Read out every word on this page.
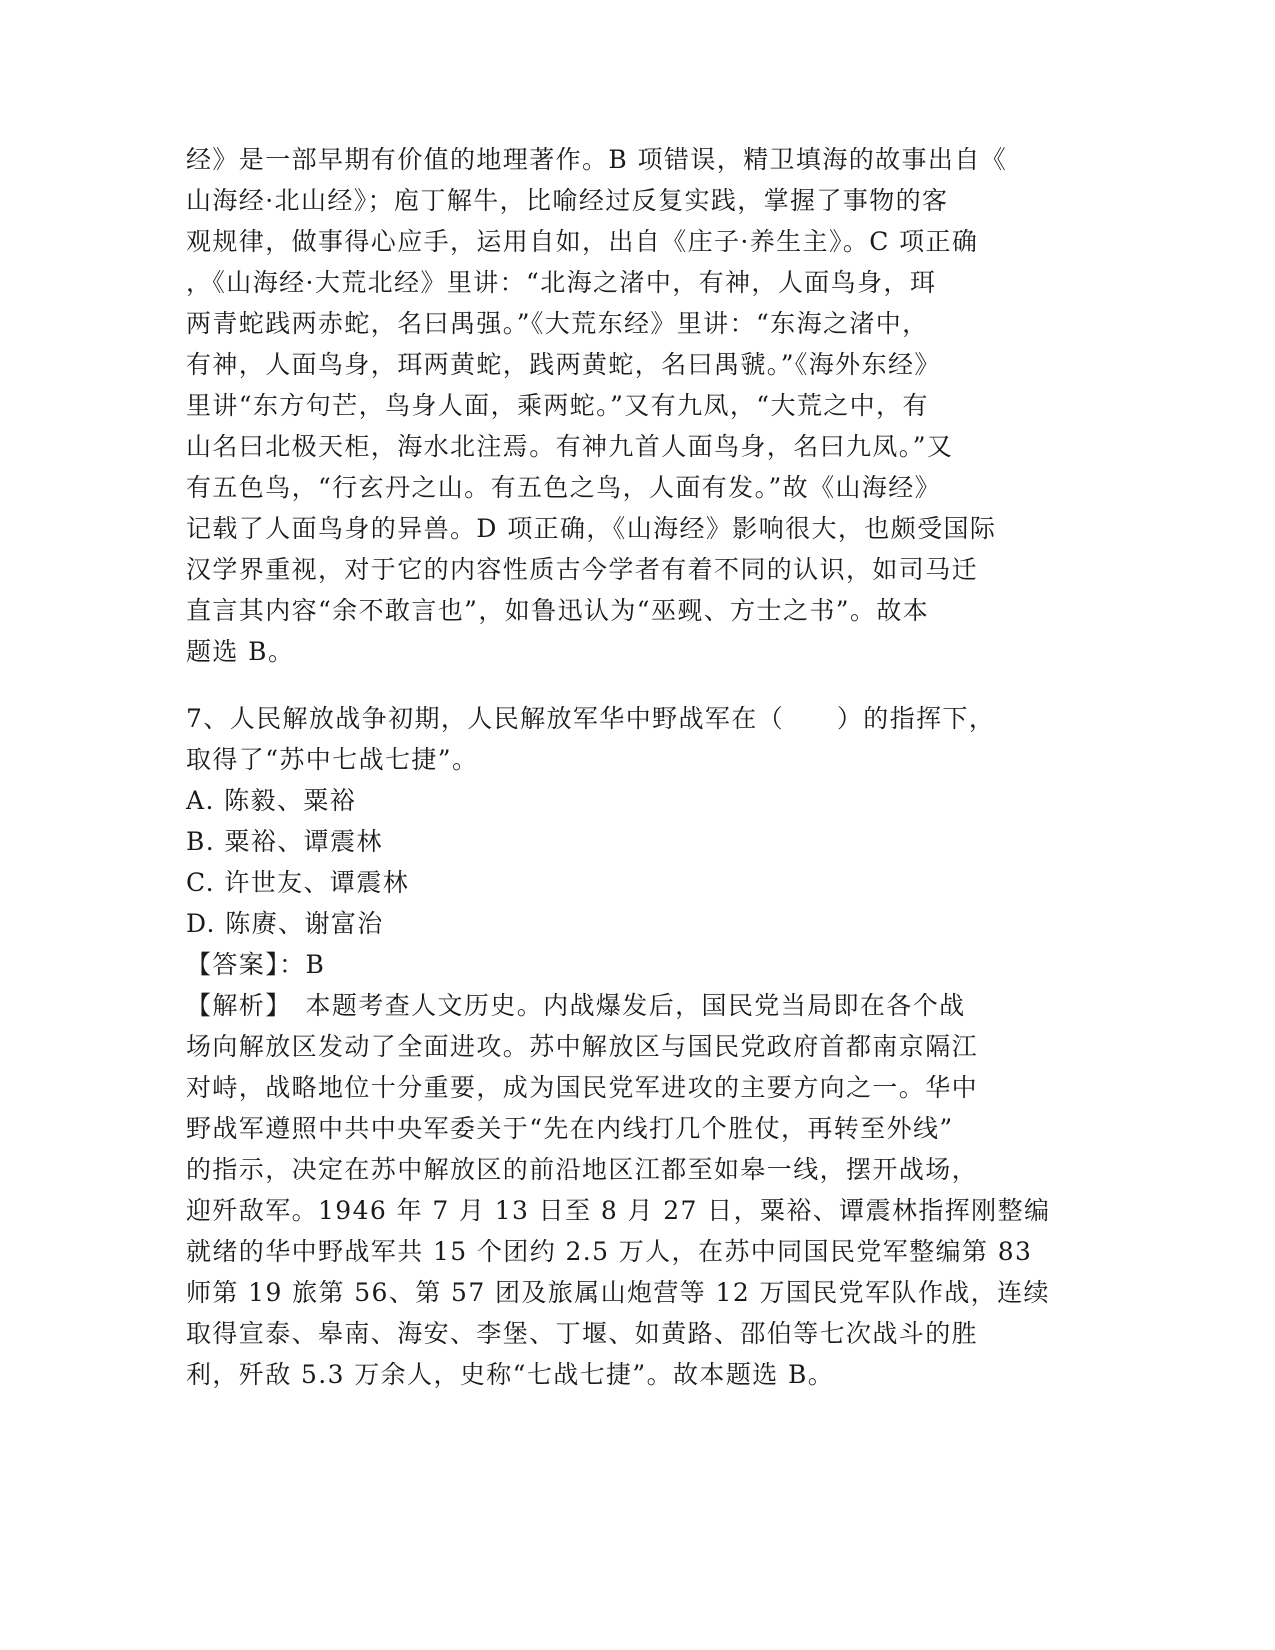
经》是一部早期有价值的地理著作。B 项错误，精卫填海的故事出自《
山海经·北山经》；庖丁解牛，比喻经过反复实践，掌握了事物的客
观规律，做事得心应手，运用自如，出自《庄子·养生主》。C 项正确
，《山海经·大荒北经》里讲：“北海之渚中，有神，人面鸟身，珥
两青蛇践两赤蛇，名曰禺强。”《大荒东经》里讲：“东海之渚中，
有神，人面鸟身，珥两黄蛇，践两黄蛇，名曰禺虢。”《海外东经》
里讲“东方句芒，鸟身人面，乘两蛇。”又有九凤，“大荒之中，有
山名曰北极天柜，海水北注焉。有神九首人面鸟身，名曰九凤。”又
有五色鸟，“行玄丹之山。有五色之鸟，人面有发。”故《山海经》
记载了人面鸟身的异兽。D 项正确，《山海经》影响很大，也颇受国际
汉学界重视，对于它的内容性质古今学者有着不同的认识，如司马迁
直言其内容“余不敢言也”，如鲁迅认为“巫觋、方士之书”。故本
题选 B。
7、人民解放战争初期，人民解放军华中野战军在（　　）的指挥下，
取得了“苏中七战七捷”。
A. 陈毅、粟裕
B. 粟裕、谭震林
C. 许世友、谭震林
D. 陈赓、谢富治
【答案】：B
【解析】　本题考查人文历史。内战爆发后，国民党当局即在各个战
场向解放区发动了全面进攻。苏中解放区与国民党政府首都南京隔江
对峙，战略地位十分重要，成为国民党军进攻的主要方向之一。华中
野战军遵照中共中央军委关于“先在内线打几个胜仗，再转至外线”
的指示，决定在苏中解放区的前沿地区江都至如皋一线，摆开战场，
迎歼敌军。1946 年 7 月 13 日至 8 月 27 日，粟裕、谭震林指挥刚整编
就绪的华中野战军共 15 个团约 2.5 万人，在苏中同国民党军整编第 83
师第 19 旅第 56、第 57 团及旅属山炮营等 12 万国民党军队作战，连续
取得宣泰、皋南、海安、李堡、丁堰、如黄路、邵伯等七次战斗的胜
利，歼敌 5.3 万余人，史称“七战七捷”。故本题选 B。
